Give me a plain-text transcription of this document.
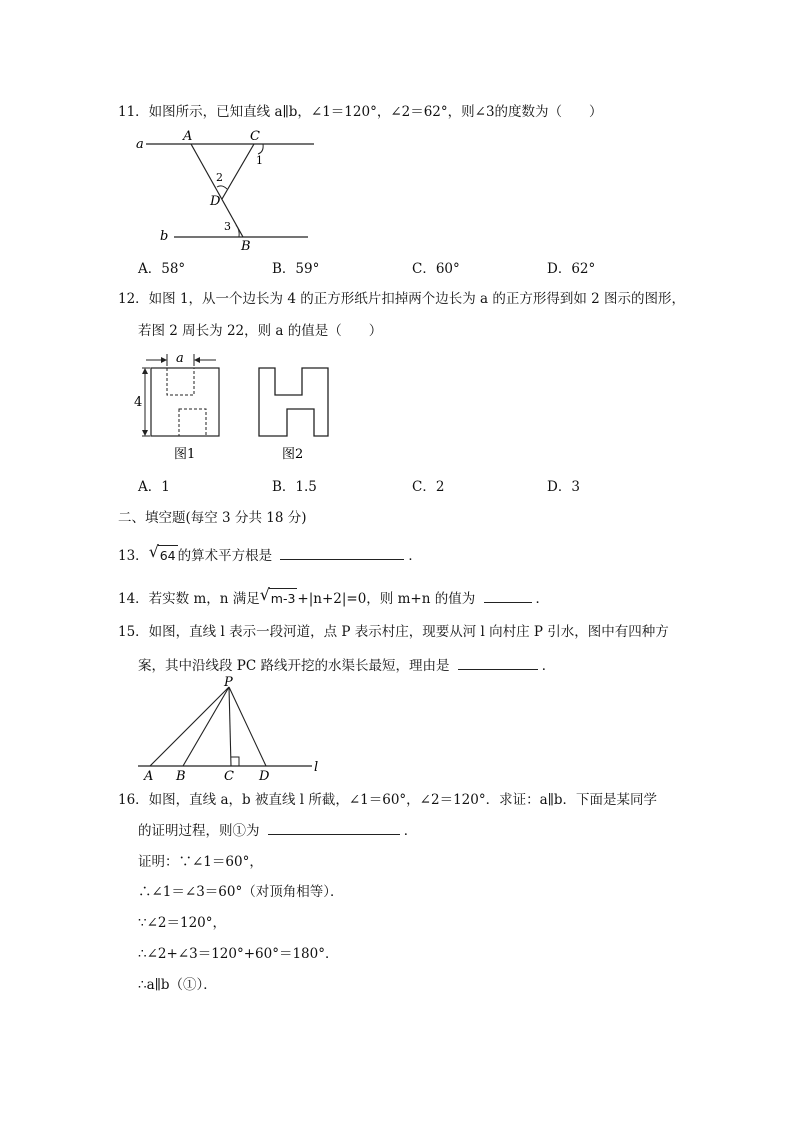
11．如图所示，已知直线 a∥b，∠1＝120°，∠2＝62°，则∠3的度数为（　　）
a
b
A	C
D
B
1
2
3
A．58°	B．59°	C．60°	D．62°
12．如图 1，从一个边长为 4 的正方形纸片扣掉两个边长为 a 的正方形得到如 2 图示的图形，
若图 2 周长为 22，则 a 的值是（　　）
a
4
图1	图2
A．1	B．1.5	C．2	D．3
二、填空题(每空 3 分共 18 分)
13． √ 64 的算术平方根是	．
14．若实数 m，n 满足 √ m-3 +|n+2|=0，则 m+n 的值为	．
15．如图，直线 l 表示一段河道，点 P 表示村庄，现要从河 l 向村庄 P 引水，图中有四种方
案，其中沿线段 PC 路线开挖的水渠长最短，理由是	．
P
A B	C D
l
16．如图，直线 a，b 被直线 l 所截，∠1＝60°，∠2＝120°．求证：a∥b．下面是某同学
的证明过程，则①为	．
证明：∵∠1＝60°，
∴∠1＝∠3＝60°（对顶角相等）．
∵∠2＝120°，
∴∠2+∠3＝120°+60°＝180°．
∴a∥b（①）．
